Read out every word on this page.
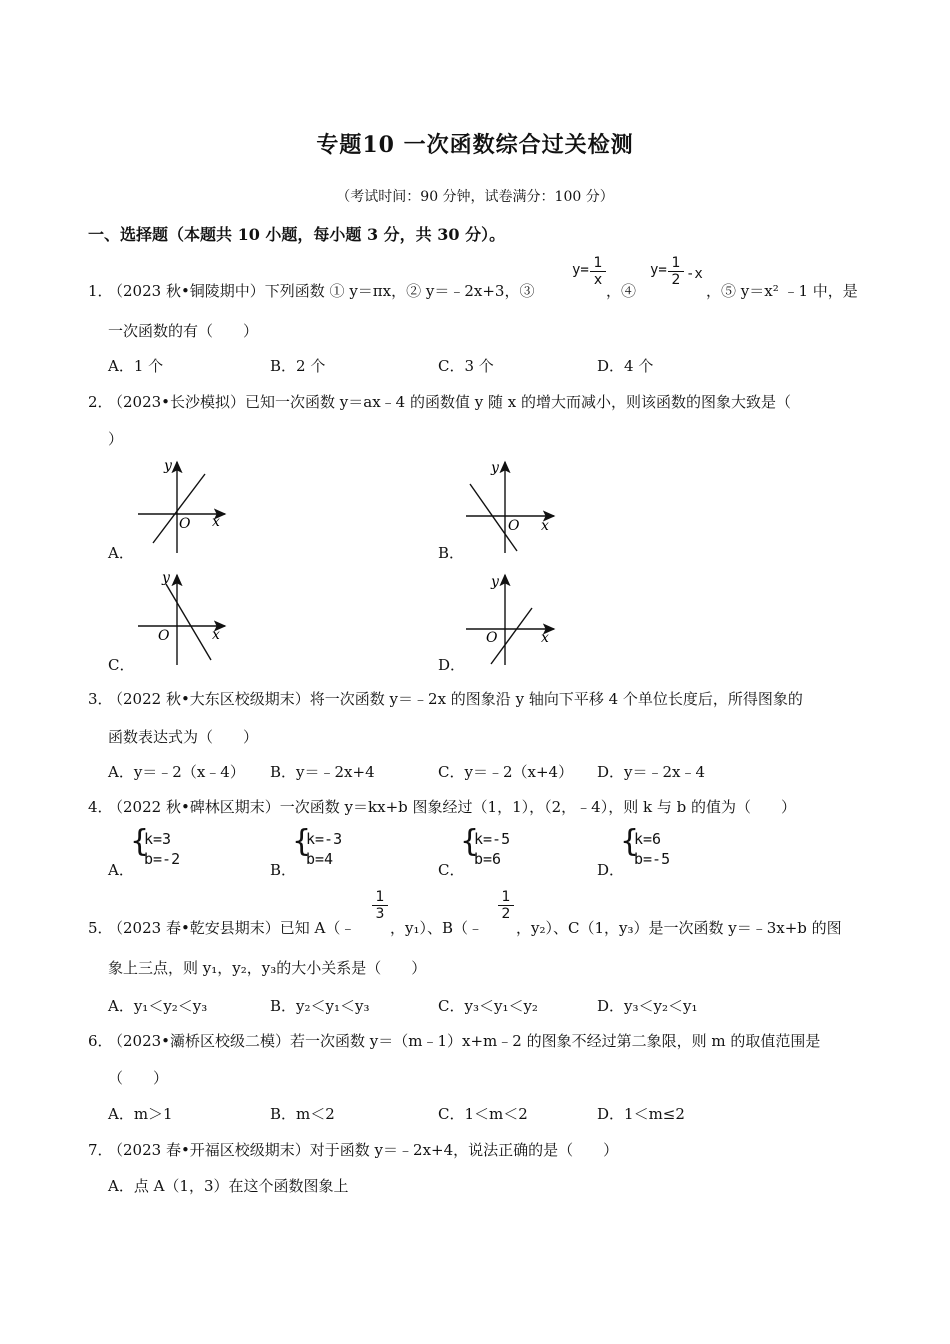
专题10 一次函数综合过关检测
（考试时间：90 分钟，试卷满分：100 分）
一、选择题（本题共 10 小题，每小题 3 分，共 30 分）。
1．
（2023 秋•铜陵期中）下列函数 ① y＝πx，② y＝﹣2x+3，③
$y= \frac{1}{x}$
，④
$y= \frac{1}{2} -x$
，⑤ y＝x² ﹣1 中，是
一次函数的有（　　）
A．1 个	B．2 个	C．3 个	D．4 个
2．
（2023•长沙模拟）已知一次函数 y＝ax﹣4 的函数值 y 随 x 的增大而减小，则该函数的图象大致是（
）
A．	B．
C．	D．
x
y
O	x
y
O
x
y
O	x
y
O
3．
（2022 秋•大东区校级期末）将一次函数 y＝﹣2x 的图象沿 y 轴向下平移 4 个单位长度后，所得图象的
函数表达式为（　　）
A．y＝﹣2（x﹣4） B．y＝﹣2x+4	C．y＝﹣2（x+4） D．y＝﹣2x﹣4
4．
（2022 秋•碑林区期末）一次函数 y＝kx+b 图象经过（1，1），（2，﹣4），则 k 与 b 的值为（　　）
A．
{
k=3
b=-2
B．
{
k=-3
b=4
C．
{
k=-5
b=6
D．
{
k=6
b=-5
5．
（2023 春•乾安县期末）已知 A（﹣
$\frac{1}{3}$
，y₁）、B（﹣
$\frac{1}{2}$
，y₂）、C（1，y₃）是一次函数 y＝﹣3x+b 的图
象上三点，则 y₁，y₂，y₃的大小关系是（　　）
A．y₁＜y₂＜y₃	B．y₂＜y₁＜y₃	C．y₃＜y₁＜y₂	D．y₃＜y₂＜y₁
6．
（2023•灞桥区校级二模）若一次函数 y＝（m﹣1）x+m﹣2 的图象不经过第二象限，则 m 的取值范围是
（　　）
A．m＞1	B．m＜2	C．1＜m＜2	D．1＜m≤2
7．
（2023 春•开福区校级期末）对于函数 y＝﹣2x+4，说法正确的是（　　）
A．点 A（1，3）在这个函数图象上
